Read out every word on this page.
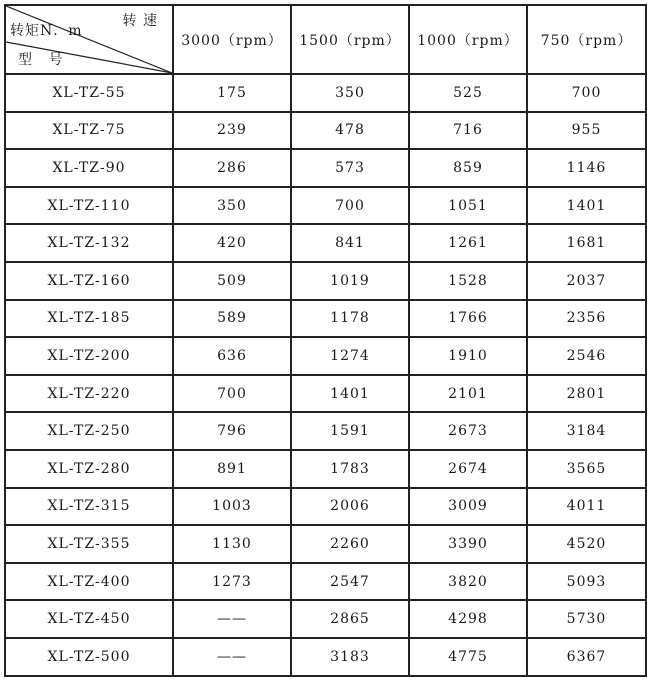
转 速
转矩N．m
型 号	3000（rpm）	1500（rpm）	1000（rpm）	750（rpm）
XL-TZ-55	175	350	525	700
XL-TZ-75	239	478	716	955
XL-TZ-90	286	573	859	1146
XL-TZ-110	350	700	1051	1401
XL-TZ-132	420	841	1261	1681
XL-TZ-160	509	1019	1528	2037
XL-TZ-185	589	1178	1766	2356
XL-TZ-200	636	1274	1910	2546
XL-TZ-220	700	1401	2101	2801
XL-TZ-250	796	1591	2673	3184
XL-TZ-280	891	1783	2674	3565
XL-TZ-315	1003	2006	3009	4011
XL-TZ-355	1130	2260	3390	4520
XL-TZ-400	1273	2547	3820	5093
XL-TZ-450	——	2865	4298	5730
XL-TZ-500	——	3183	4775	6367
